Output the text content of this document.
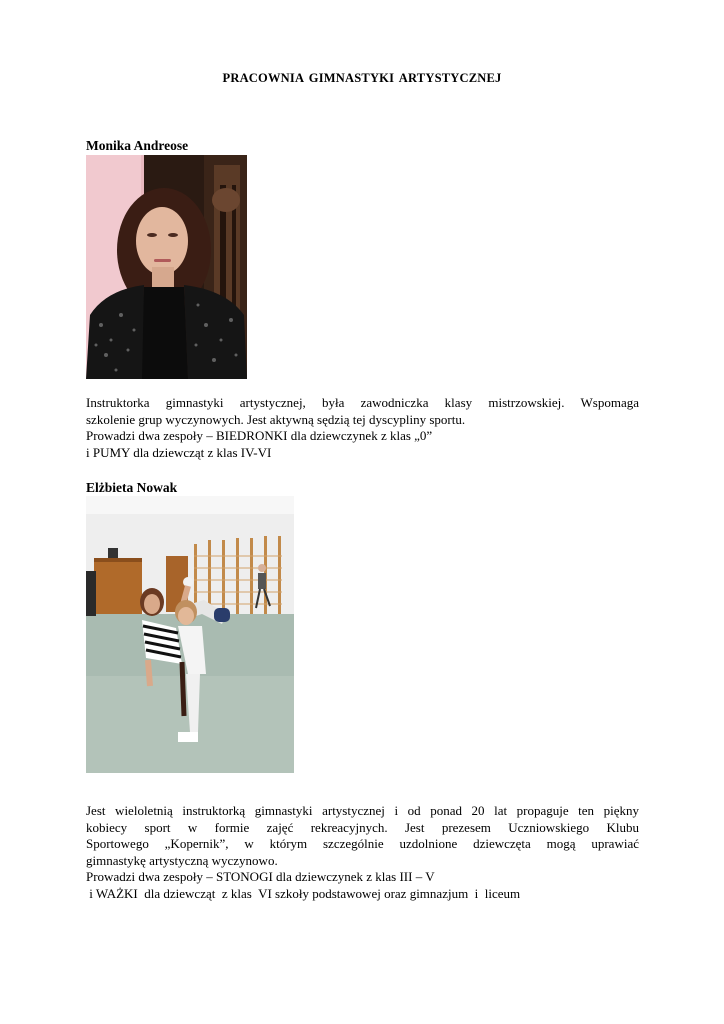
PRACOWNIA GIMNASTYKI ARTYSTYCZNEJ
Monika Andreose
Instruktorka gimnastyki artystycznej, była zawodniczka klasy mistrzowskiej. Wspomaga
szkolenie grup wyczynowych. Jest aktywną sędzią tej dyscypliny sportu.
Prowadzi dwa zespoły – BIEDRONKI dla dziewczynek z klas „0”
i PUMY dla dziewcząt z klas IV-VI
Elżbieta Nowak
Jest wieloletnią instruktorką gimnastyki artystycznej i od ponad 20 lat propaguje ten piękny
kobiecy sport w formie zajęć rekreacyjnych. Jest prezesem Uczniowskiego Klubu
Sportowego „Kopernik”, w którym szczególnie uzdolnione dziewczęta mogą uprawiać
gimnastykę artystyczną wyczynowo.
Prowadzi dwa zespoły – STONOGI dla dziewczynek z klas III – V
i WAŻKI  dla dziewcząt  z klas  VI szkoły podstawowej oraz gimnazjum  i  liceum
